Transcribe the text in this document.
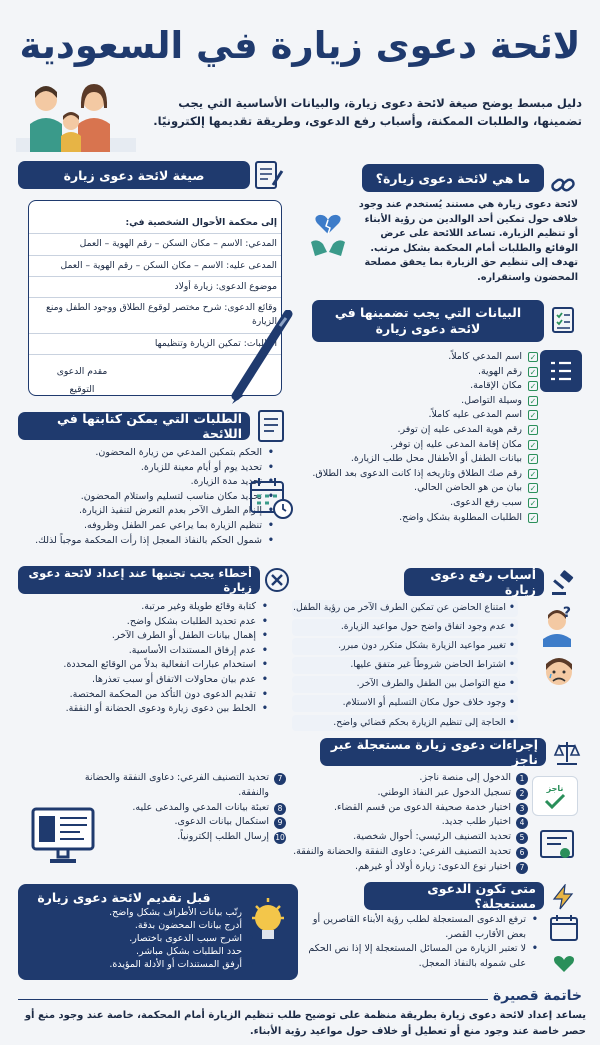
لائحة دعوى زيارة في السعودية
دليل مبسط يوضح صيغة لائحة دعوى زيارة، والبيانات الأساسية التي يجب تضمينها، والطلبات الممكنة، وأسباب رفع الدعوى، وطريقة تقديمها إلكترونيًا.
ما هي لائحة دعوى زيارة؟
لائحة دعوى زيارة هي مستند يُستخدم عند وجود خلاف حول تمكين أحد الوالدين من رؤية الأبناء أو تنظيم الزيارة. تساعد اللائحة على عرض الوقائع والطلبات أمام المحكمة بشكل مرتب. تهدف إلى تنظيم حق الزيارة بما يحقق مصلحة المحضون واستقراره.
البيانات التي يجب تضمينها في لائحة دعوى زيارة
✓
اسم المدعي كاملاً.
✓
رقم الهوية.
✓
مكان الإقامة.
✓
وسيلة التواصل.
✓
اسم المدعى عليه كاملاً.
✓
رقم هوية المدعى عليه إن توفر.
✓
مكان إقامة المدعى عليه إن توفر.
✓
بيانات الطفل أو الأطفال محل طلب الزيارة.
✓
رقم صك الطلاق وتاريخه إذا كانت الدعوى بعد الطلاق.
✓
بيان من هو الحاضن الحالي.
✓
سبب رفع الدعوى.
✓
الطلبات المطلوبة بشكل واضح.
أسباب رفع دعوى زيارة
?
• امتناع الحاضن عن تمكين الطرف الآخر من رؤية الطفل.
• عدم وجود اتفاق واضح حول مواعيد الزيارة.
• تغيير مواعيد الزيارة بشكل متكرر دون مبرر.
• اشتراط الحاضن شروطاً غير متفق عليها.
• منع التواصل بين الطفل والطرف الآخر.
• وجود خلاف حول مكان التسليم أو الاستلام.
• الحاجة إلى تنظيم الزيارة بحكم قضائي واضح.
إجراءات دعوى زيارة مستعجلة عبر ناجز
ناجز
1
الدخول إلى منصة ناجز.
2
تسجيل الدخول عبر النفاذ الوطني.
3
اختيار خدمة صحيفة الدعوى من قسم القضاء.
4
اختيار طلب جديد.
5
تحديد التصنيف الرئيسي: أحوال شخصية.
6
تحديد التصنيف الفرعي: دعاوى النفقة والحضانة والنفقة.
7
اختيار نوع الدعوى: زيارة أولاد أو غيرهم.
متى تكون الدعوى مستعجلة؟
• ترفع الدعوى المستعجلة لطلب رؤية الأبناء القاصرين أو بعض الأقارب القصر.
• لا تعتبر الزيارة من المسائل المستعجلة إلا إذا نص الحكم على شموله بالنفاذ المعجل.
صيغة لائحة دعوى زيارة
إلى محكمة الأحوال الشخصية في:
المدعي: الاسم – مكان السكن – رقم الهوية – العمل
المدعى عليه: الاسم – مكان السكن – رقم الهوية – العمل
موضوع الدعوى: زيارة أولاد
وقائع الدعوى: شرح مختصر لوقوع الطلاق ووجود الطفل ومنع الزيارة
الطلبات: تمكين الزيارة وتنظيمها
مقدم الدعوى
التوقيع
الطلبات التي يمكن كتابتها في اللائحة
• الحكم بتمكين المدعي من زيارة المحضون.
• تحديد يوم أو أيام معينة للزيارة.
• تحديد مدة الزيارة.
• تحديد مكان مناسب لتسليم واستلام المحضون.
• إلزام الطرف الآخر بعدم التعرض لتنفيذ الزيارة.
• تنظيم الزيارة بما يراعي عمر الطفل وظروفه.
• شمول الحكم بالنفاذ المعجل إذا رأت المحكمة موجباً لذلك.
أخطاء يجب تجنبها عند إعداد لائحة دعوى زيارة
• كتابة وقائع طويلة وغير مرتبة.
• عدم تحديد الطلبات بشكل واضح.
• إهمال بيانات الطفل أو الطرف الآخر.
• عدم إرفاق المستندات الأساسية.
• استخدام عبارات انفعالية بدلاً من الوقائع المحددة.
• عدم بيان محاولات الاتفاق أو سبب تعذرها.
• تقديم الدعوى دون التأكد من المحكمة المختصة.
• الخلط بين دعوى زيارة ودعوى الحضانة أو النفقة.
7
تحديد التصنيف الفرعي: دعاوى النفقة والحضانة والنفقة.
8
تعبئة بيانات المدعي والمدعى عليه.
9
استكمال بيانات الدعوى.
10
إرسال الطلب إلكترونياً.
قبل تقديم لائحة دعوى زيارة
• رتّب بيانات الأطراف بشكل واضح.
• أدرج بيانات المحضون بدقة.
• اشرح سبب الدعوى باختصار.
• حدد الطلبات بشكل مباشر.
• أرفق المستندات أو الأدلة المؤيدة.
خاتمة قصيرة
يساعد إعداد لائحة دعوى زيارة بطريقة منظمة على توضيح طلب تنظيم الزيارة أمام المحكمة، خاصة عند وجود منع أو حصر خاصة عند وجود منع أو تعطيل أو خلاف حول مواعيد رؤية الأبناء.
